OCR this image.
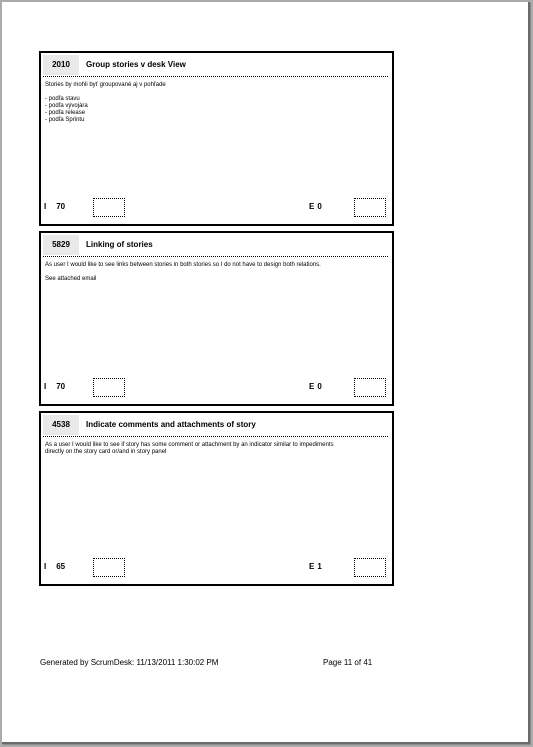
2010	Group stories v desk View

Stories by mohli byť groupované aj v pohľade

- podľa stavu
- podľa vývojára
- podľa release
- podľa Sprintu
I 70	E 0
5829	Linking of stories

As user I would like to see links between stories in both stories so I do not have to design both relations.

See attached email

I 70	E 0
4538	Indicate comments and attachments of story

As a user I would like to see if story has some comment or attachment by an indicator similar to impediments

directly on the story card or/and in story panel

I 65	E 1
Generated by ScrumDesk: 11/13/2011 1:30:02 PM	Page 11 of 41
